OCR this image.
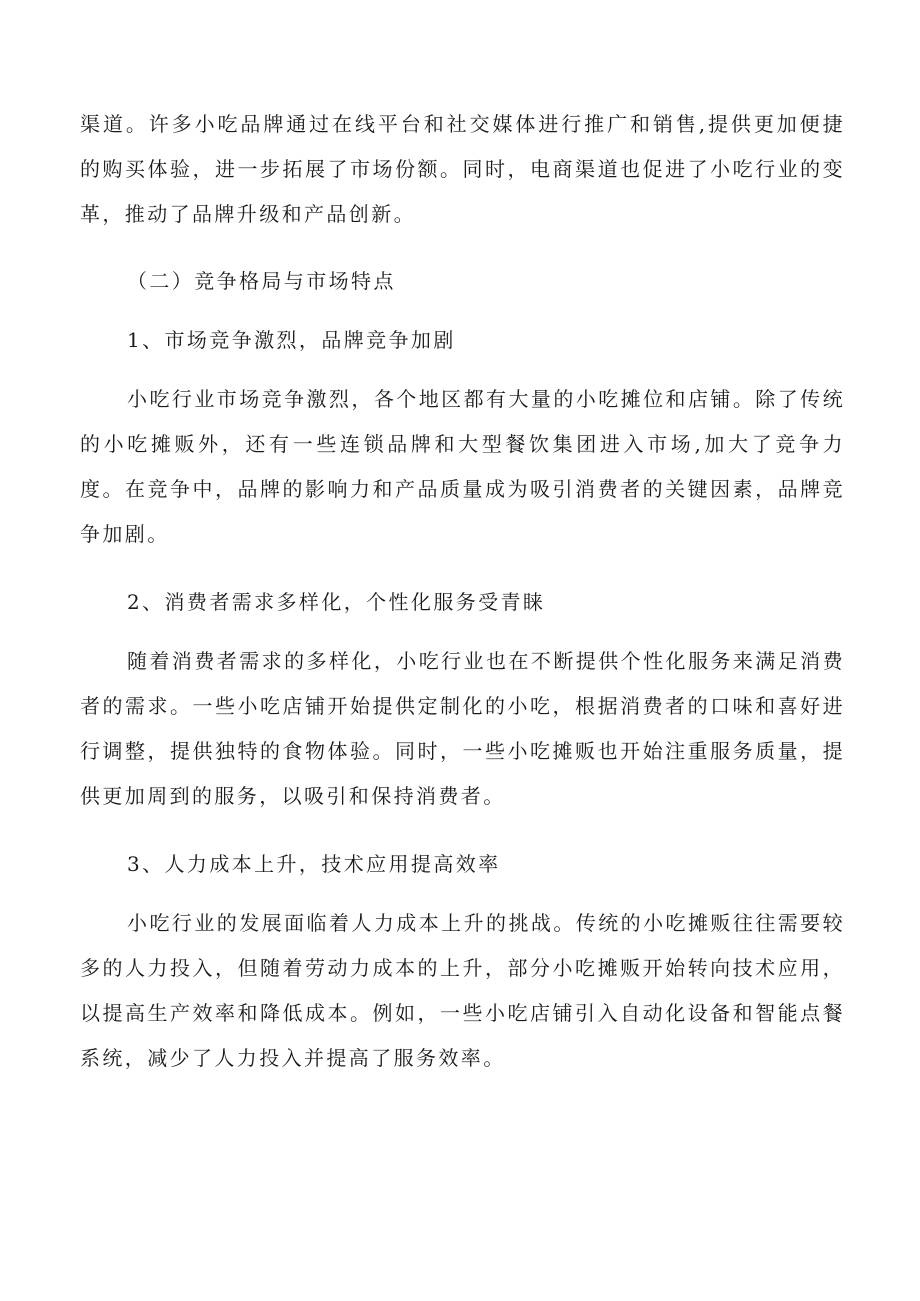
渠道。许多小吃品牌通过在线平台和社交媒体进行推广和销售,提供更加便捷的购买体验，进一步拓展了市场份额。同时，电商渠道也促进了小吃行业的变革，推动了品牌升级和产品创新。

（二）竞争格局与市场特点

1、市场竞争激烈，品牌竞争加剧

小吃行业市场竞争激烈，各个地区都有大量的小吃摊位和店铺。除了传统的小吃摊贩外，还有一些连锁品牌和大型餐饮集团进入市场,加大了竞争力度。在竞争中，品牌的影响力和产品质量成为吸引消费者的关键因素，品牌竞争加剧。

2、消费者需求多样化，个性化服务受青睐

随着消费者需求的多样化，小吃行业也在不断提供个性化服务来满足消费者的需求。一些小吃店铺开始提供定制化的小吃，根据消费者的口味和喜好进行调整，提供独特的食物体验。同时，一些小吃摊贩也开始注重服务质量，提供更加周到的服务，以吸引和保持消费者。

3、人力成本上升，技术应用提高效率

小吃行业的发展面临着人力成本上升的挑战。传统的小吃摊贩往往需要较多的人力投入，但随着劳动力成本的上升，部分小吃摊贩开始转向技术应用，以提高生产效率和降低成本。例如，一些小吃店铺引入自动化设备和智能点餐系统，减少了人力投入并提高了服务效率。
